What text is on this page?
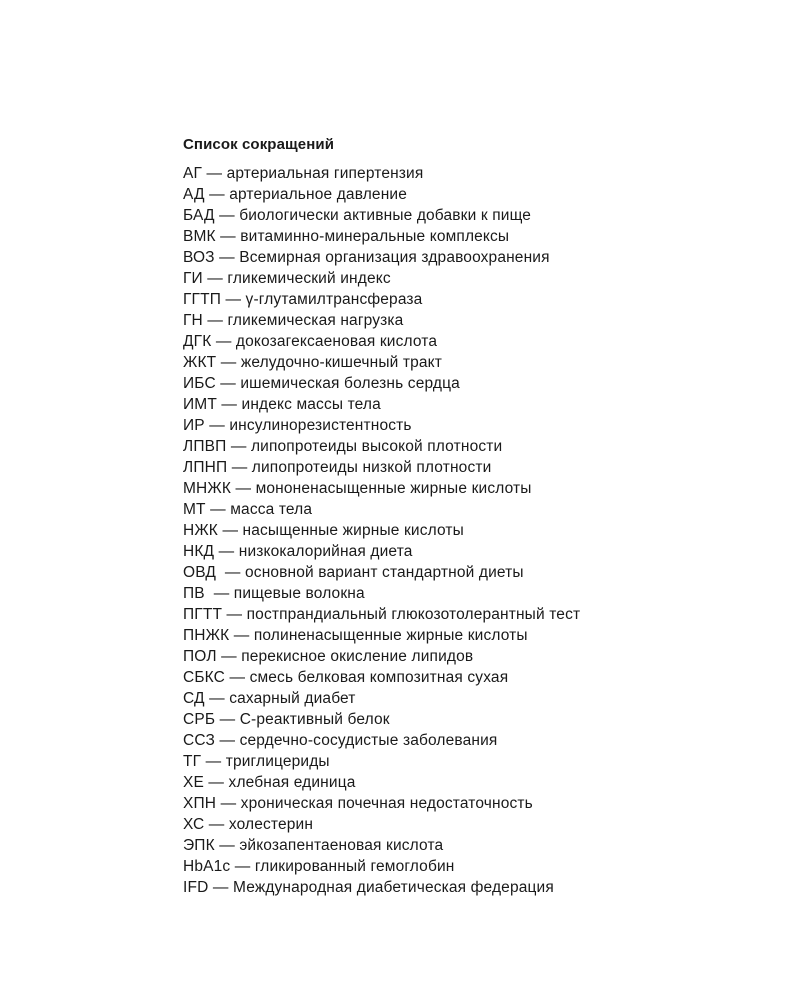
Список сокращений
АГ — артериальная гипертензия
АД — артериальное давление
БАД — биологически активные добавки к пище
ВМК — витаминно-минеральные комплексы
ВОЗ — Всемирная организация здравоохранения
ГИ — гликемический индекс
ГГТП — γ-глутамилтрансфераза
ГН — гликемическая нагрузка
ДГК — докозагексаеновая кислота
ЖКТ — желудочно-кишечный тракт
ИБС — ишемическая болезнь сердца
ИМТ — индекс массы тела
ИР — инсулинорезистентность
ЛПВП — липопротеиды высокой плотности
ЛПНП — липопротеиды низкой плотности
МНЖК — мононенасыщенные жирные кислоты
МТ — масса тела
НЖК — насыщенные жирные кислоты
НКД — низкокалорийная диета
ОВД  — основной вариант стандартной диеты
ПВ  — пищевые волокна
ПГТТ — постпрандиальный глюкозотолерантный тест
ПНЖК — полиненасыщенные жирные кислоты
ПОЛ — перекисное окисление липидов
СБКС — смесь белковая композитная сухая
СД — сахарный диабет
СРБ — С-реактивный белок
ССЗ — сердечно-сосудистые заболевания
ТГ — триглицериды
ХЕ — хлебная единица
ХПН — хроническая почечная недостаточность
ХС — холестерин
ЭПК — эйкозапентаеновая кислота
HbA1c — гликированный гемоглобин
IFD — Международная диабетическая федерация
